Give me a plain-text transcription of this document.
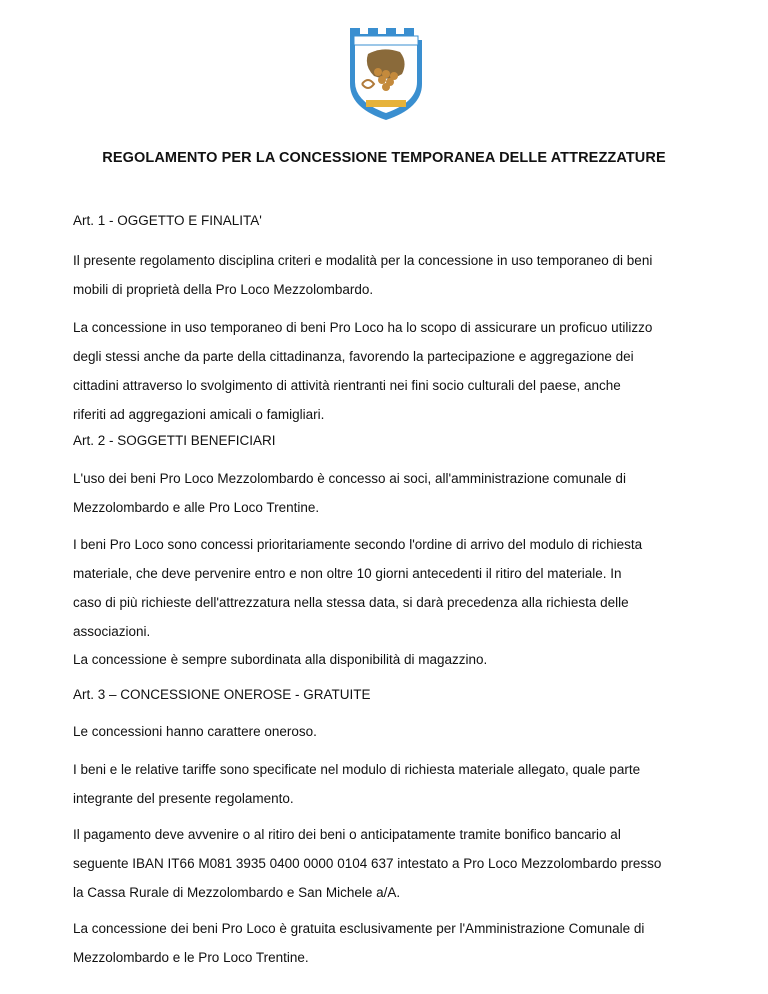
REGOLAMENTO PER LA CONCESSIONE TEMPORANEA DELLE ATTREZZATURE
Art. 1 - OGGETTO E FINALITA'
Il presente regolamento disciplina criteri e modalità per la concessione in uso temporaneo di beni
mobili di proprietà della Pro Loco Mezzolombardo.
La concessione in uso temporaneo di beni Pro Loco ha lo scopo di assicurare un proficuo utilizzo
degli stessi anche da parte della cittadinanza, favorendo la partecipazione e aggregazione dei
cittadini attraverso lo svolgimento di attività rientranti nei fini socio culturali del paese, anche
riferiti ad aggregazioni amicali o famigliari.
Art. 2 - SOGGETTI BENEFICIARI
L'uso dei beni Pro Loco Mezzolombardo è concesso ai soci, all'amministrazione comunale di
Mezzolombardo e alle Pro Loco Trentine.
I beni Pro Loco sono concessi prioritariamente secondo l'ordine di arrivo del modulo di richiesta
materiale, che deve pervenire entro e non oltre 10 giorni antecedenti il ritiro del materiale. In
caso di più richieste dell'attrezzatura nella stessa data, si darà precedenza alla richiesta delle
associazioni.
La concessione è sempre subordinata alla disponibilità di magazzino.
Art. 3 – CONCESSIONE ONEROSE - GRATUITE
Le concessioni hanno carattere oneroso.
I beni e le relative tariffe sono specificate nel modulo di richiesta materiale allegato, quale parte
integrante del presente regolamento.
Il pagamento deve avvenire o al ritiro dei beni o anticipatamente tramite bonifico bancario al
seguente IBAN IT66 M081 3935 0400 0000 0104 637 intestato a Pro Loco Mezzolombardo presso
la Cassa Rurale di Mezzolombardo e San Michele a/A.
La concessione dei beni Pro Loco è gratuita esclusivamente per l'Amministrazione Comunale di
Mezzolombardo e le Pro Loco Trentine.
